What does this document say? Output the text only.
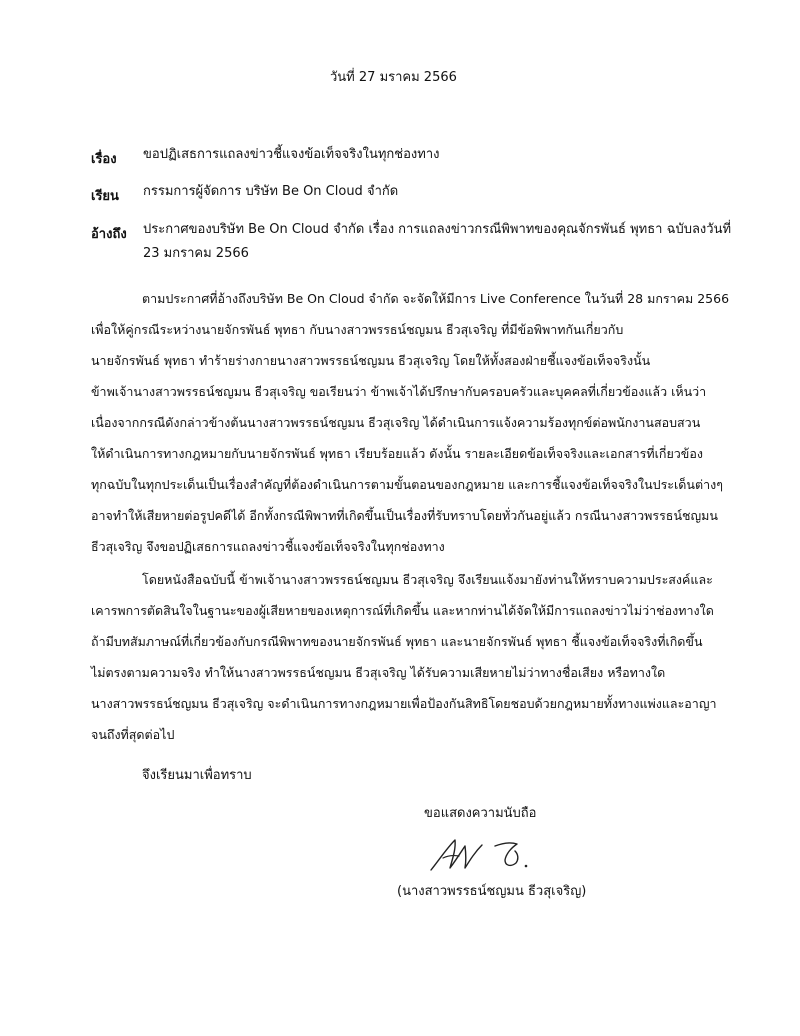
วันที่ 27 มราคม 2566
เรื่อง ขอปฏิเสธการแถลงข่าวชี้แจงข้อเท็จจริงในทุกช่องทาง
เรียน กรรมการผู้จัดการ บริษัท Be On Cloud จำกัด
อ้างถึง ประกาศของบริษัท Be On Cloud จำกัด เรื่อง การแถลงข่าวกรณีพิพาทของคุณจักรพันธ์ พุทธา ฉบับลงวันที่
23 มกราคม 2566
ตามประกาศที่อ้างถึงบริษัท Be On Cloud จำกัด จะจัดให้มีการ Live Conference ในวันที่ 28 มกราคม 2566
เพื่อให้คู่กรณีระหว่างนายจักรพันธ์ พุทธา กับนางสาวพรรธน์ชญมน ธีวสุเจริญ ที่มีข้อพิพาทกันเกี่ยวกับ
นายจักรพันธ์ พุทธา ทำร้ายร่างกายนางสาวพรรธน์ชญมน ธีวสุเจริญ โดยให้ทั้งสองฝ่ายชี้แจงข้อเท็จจริงนั้น
ข้าพเจ้านางสาวพรรธน์ชญมน ธีวสุเจริญ ขอเรียนว่า ข้าพเจ้าได้ปรึกษากับครอบครัวและบุคคลที่เกี่ยวข้องแล้ว เห็นว่า
เนื่องจากกรณีดังกล่าวข้างต้นนางสาวพรรธน์ชญมน ธีวสุเจริญ ได้ดำเนินการแจ้งความร้องทุกข์ต่อพนักงานสอบสวน
ให้ดำเนินการทางกฎหมายกับนายจักรพันธ์ พุทธา เรียบร้อยแล้ว ดังนั้น รายละเอียดข้อเท็จจริงและเอกสารที่เกี่ยวข้อง
ทุกฉบับในทุกประเด็นเป็นเรื่องสำคัญที่ต้องดำเนินการตามขั้นตอนของกฎหมาย และการชี้แจงข้อเท็จจริงในประเด็นต่างๆ
อาจทำให้เสียหายต่อรูปคดีได้ อีกทั้งกรณีพิพาทที่เกิดขึ้นเป็นเรื่องที่รับทราบโดยทั่วกันอยู่แล้ว กรณีนางสาวพรรธน์ชญมน
ธีวสุเจริญ จึงขอปฏิเสธการแถลงข่าวชี้แจงข้อเท็จจริงในทุกช่องทาง
โดยหนังสือฉบับนี้ ข้าพเจ้านางสาวพรรธน์ชญมน ธีวสุเจริญ จึงเรียนแจ้งมายังท่านให้ทราบความประสงค์และ
เคารพการตัดสินใจในฐานะของผู้เสียหายของเหตุการณ์ที่เกิดขึ้น และหากท่านได้จัดให้มีการแถลงข่าวไม่ว่าช่องทางใด
ถ้ามีบทสัมภาษณ์ที่เกี่ยวข้องกับกรณีพิพาทของนายจักรพันธ์ พุทธา และนายจักรพันธ์ พุทธา ชี้แจงข้อเท็จจริงที่เกิดขึ้น
ไม่ตรงตามความจริง ทำให้นางสาวพรรธน์ชญมน ธีวสุเจริญ ได้รับความเสียหายไม่ว่าทางชื่อเสียง หรือทางใด
นางสาวพรรธน์ชญมน ธีวสุเจริญ จะดำเนินการทางกฎหมายเพื่อป้องกันสิทธิโดยชอบด้วยกฎหมายทั้งทางแพ่งและอาญา
จนถึงที่สุดต่อไป
จึงเรียนมาเพื่อทราบ
ขอแสดงความนับถือ
(นางสาวพรรธน์ชญมน ธีวสุเจริญ)
